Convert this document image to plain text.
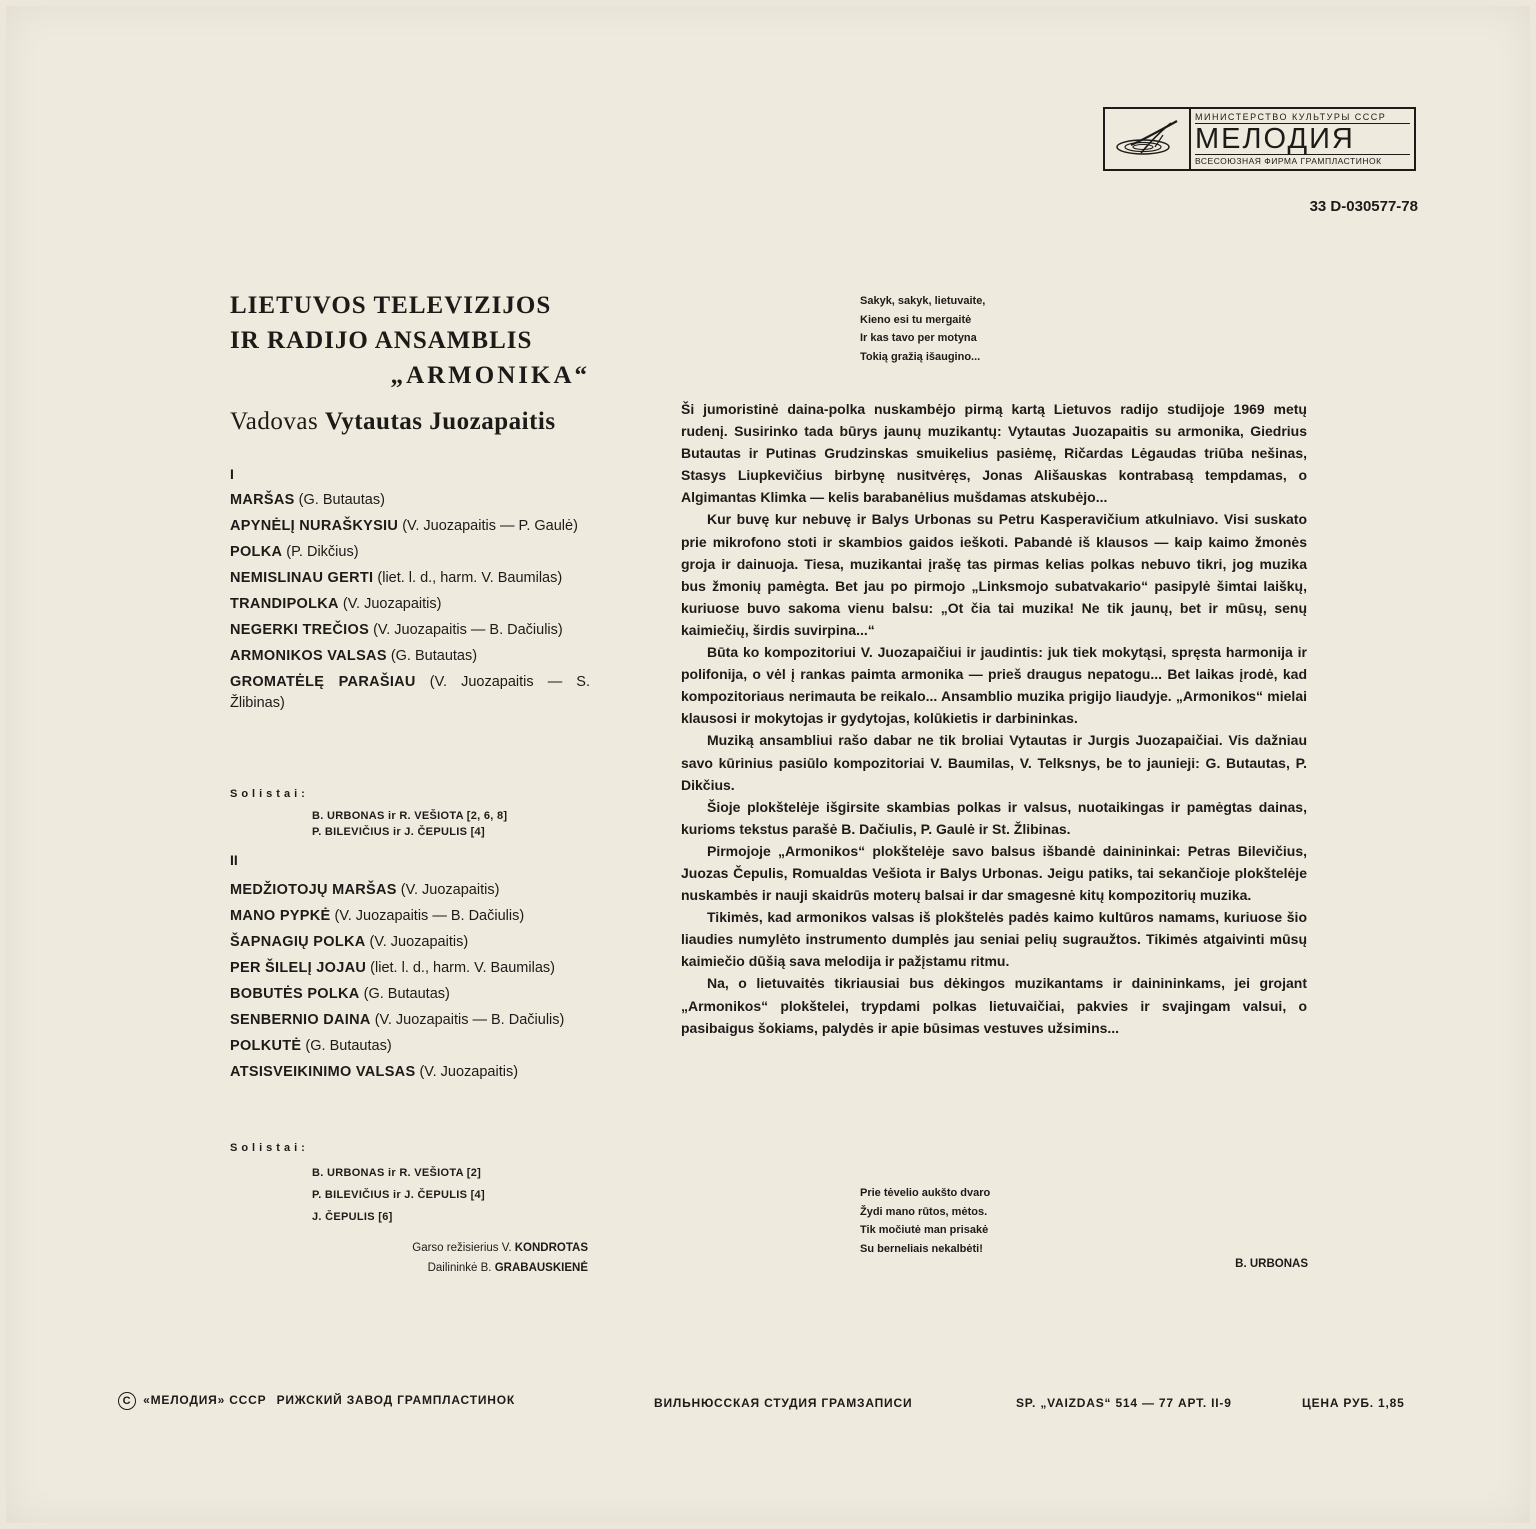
МИНИСТЕРСТВО КУЛЬТУРЫ СССР
МЕЛОДИЯ
ВСЕСОЮЗНАЯ ФИРМА ГРАМПЛАСТИНОК
33 D-030577-78
LIETUVOS TELEVIZIJOS
IR RADIJO ANSAMBLIS
„ARMONIKA“
Vadovas Vytautas Juozapaitis
I
MARŠAS (G. Butautas)
APYNĖLĮ NURAŠKYSIU (V. Juozapaitis — P. Gaulė)
POLKA (P. Dikčius)
NEMISLINAU GERTI (liet. l. d., harm. V. Baumilas)
TRANDIPOLKA (V. Juozapaitis)
NEGERKI TREČIOS (V. Juozapaitis — B. Dačiulis)
ARMONIKOS VALSAS (G. Butautas)
GROMATĖLĘ PARAŠIAU (V. Juozapaitis — S. Žlibinas)
Solistai:
B. URBONAS ir R. VEŠIOTA [2, 6, 8]
P. BILEVIČIUS ir J. ČEPULIS [4]
II
MEDŽIOTOJŲ MARŠAS (V. Juozapaitis)
MANO PYPKĖ (V. Juozapaitis — B. Dačiulis)
ŠAPNAGIŲ POLKA (V. Juozapaitis)
PER ŠILELĮ JOJAU (liet. l. d., harm. V. Baumilas)
BOBUTĖS POLKA (G. Butautas)
SENBERNIO DAINA (V. Juozapaitis — B. Dačiulis)
POLKUTĖ (G. Butautas)
ATSISVEIKINIMO VALSAS (V. Juozapaitis)
Solistai:
B. URBONAS ir R. VEŠIOTA [2]
P. BILEVIČIUS ir J. ČEPULIS [4]
J. ČEPULIS [6]
Garso režisierius V. KONDROTAS
Dailininkė B. GRABAUSKIENĖ
Sakyk, sakyk, lietuvaite,
Kieno esi tu mergaitė
Ir kas tavo per motyna
Tokią gražią išaugino...

Ši jumoristinė daina-polka nuskambėjo pirmą kartą Lietuvos radijo studijoje 1969 metų rudenį. Susirinko tada būrys jaunų muzikantų: Vytautas Juozapaitis su armonika, Giedrius Butautas ir Putinas Grudzinskas smuikelius pasiėmę, Ričardas Lėgaudas triūba nešinas, Stasys Liupkevičius birbynę nusitvėręs, Jonas Ališauskas kontrabasą tempdamas, o Algimantas Klimka — kelis barabanėlius mušdamas atskubėjo...

Kur buvę kur nebuvę ir Balys Urbonas su Petru Kasperavičium atkulniavo. Visi suskato prie mikrofono stoti ir skambios gaidos ieškoti. Pabandė iš klausos — kaip kaimo žmonės groja ir dainuoja. Tiesa, muzikantai įrašę tas pirmas kelias polkas nebuvo tikri, jog muzika bus žmonių pamėgta. Bet jau po pirmojo „Linksmojo subatvakario“ pasipylė šimtai laiškų, kuriuose buvo sakoma vienu balsu: „Ot čia tai muzika! Ne tik jaunų, bet ir mūsų, senų kaimiečių, širdis suvirpina...“

Būta ko kompozitoriui V. Juozapaičiui ir jaudintis: juk tiek mokytąsi, spręsta harmonija ir polifonija, o vėl į rankas paimta armonika — prieš draugus nepatogu... Bet laikas įrodė, kad kompozitoriaus nerimauta be reikalo... Ansamblio muzika prigijo liaudyje. „Armonikos“ mielai klausosi ir mokytojas ir gydytojas, kolūkietis ir darbininkas.

Muziką ansambliui rašo dabar ne tik broliai Vytautas ir Jurgis Juozapaičiai. Vis dažniau savo kūrinius pasiūlo kompozitoriai V. Baumilas, V. Telksnys, be to jaunieji: G. Butautas, P. Dikčius.

Šioje plokštelėje išgirsite skambias polkas ir valsus, nuotaikingas ir pamėgtas dainas, kurioms tekstus parašė B. Dačiulis, P. Gaulė ir St. Žlibinas.

Pirmojoje „Armonikos“ plokštelėje savo balsus išbandė dainininkai: Petras Bilevičius, Juozas Čepulis, Romualdas Vešiota ir Balys Urbonas. Jeigu patiks, tai sekančioje plokštelėje nuskambės ir nauji skaidrūs moterų balsai ir dar smagesnė kitų kompozitorių muzika.

Tikimės, kad armonikos valsas iš plokštelės padės kaimo kultūros namams, kuriuose šio liaudies numylėto instrumento dumplės jau seniai pelių sugraužtos. Tikimės atgaivinti mūsų kaimiečio dūšią sava melodija ir pažįstamu ritmu.

Na, o lietuvaitės tikriausiai bus dėkingos muzikantams ir dainininkams, jei grojant „Armonikos“ plokštelei, trypdami polkas lietuvaičiai, pakvies ir svajingam valsui, o pasibaigus šokiams, palydės ir apie būsimas vestuves užsimins...

Prie tėvelio aukšto dvaro
Žydi mano rūtos, mėtos.
Tik močiutė man prisakė
Su berneliais nekalbėti!
B. URBONAS
C «МЕЛОДИЯ» СССР РИЖСКИЙ ЗАВОД ГРАМПЛАСТИНОК	ВИЛЬНЮССКАЯ СТУДИЯ ГРАМЗАПИСИ	SP. „VAIZDAS“ 514 — 77 АРТ. II-9	ЦЕНА РУБ. 1,85
